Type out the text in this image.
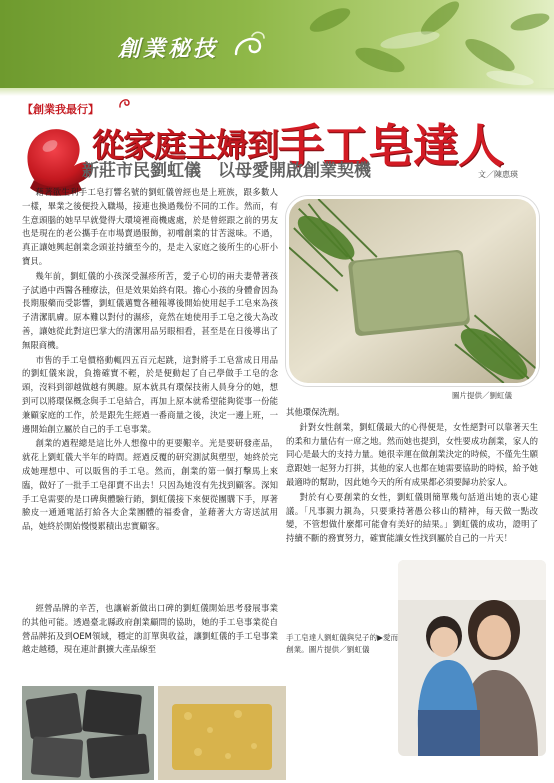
創業秘技
【創業我最行】
從家庭主婦到手工皂達人
新莊市民劉虹儀　以母愛開啟創業契機	文／陳惠瑛

藉著欲生利手工皂打響名號的劉虹儀曾經也是上班族，跟多數人一樣，畢業之後便投入職場，接連也換過幾份不同的工作。然而，有生意頭腦的她早早就覺得大環境裡商機處處，於是曾經跟之前的男友也是現在的老公攜手在市場賣過服飾，初嚐創業的甘苦滋味。不過，真正讓她興起創業念頭並持續至今的，是走入家庭之後所生的心肝小寶貝。

幾年前，劉虹儀的小孩深受濕疹所苦，愛子心切的兩夫妻帶著孩子試過中西醫各種療法，但是效果始終有限。擔心小孩的身體會因為長期服藥而受影響，劉虹儀邁覽各種報導後開始使用起手工皂來為孩子清潔肌膚。原本難以對付的濕疹，竟然在她使用手工皂之後大為改善，讓她從此對這巴掌大的清潔用品另眼相看，甚至是在日後導出了無限商機。

市售的手工皂價格動輒四五百元起跳，這對將手工皂當成日用品的劉虹儀來說，負擔確實不輕，於是便動起了自己學做手工皂的念頭，沒料到卻越做越有興趣。原本就具有環保技術人員身分的她，想到可以將環保概念與手工皂結合，再加上原本就希望能夠從事一份能兼顧家庭的工作，於是跟先生經過一番商量之後，決定一邊上班，一邊開始創立屬於自己的手工皂事業。

創業的過程總是這比外人想像中的更要艱辛。光是要研發產品，就花上劉虹儀大半年的時間。經過反覆的研究測試與塑型，她終於完成她理想中、可以販售的手工皂。然而，創業的第一個打擊馬上來臨，做好了一批手工皂卻賣不出去！只因為她沒有先找到顧客。深知手工皂需要的是口碑與體驗行銷，劉虹儀接下來便從團購下手，厚著臉皮一通通電話打給各大企業團體的福委會，並藉著大方寄送試用品，她終於開始慢慢累積出忠實顧客。

圖片提供／劉虹儀

其他環保洗劑。

針對女性創業，劉虹儀最大的心得便是，女性絕對可以靠著天生的柔和力量佔有一席之地。然而她也提到，女性要成功創業，家人的同心是最大的支持力量。她很幸運在做創業決定的時候，不僅先生願意跟她一起努力打拼，其他的家人也都在她需要協助的時候，給予她最適時的幫助，因此她今天的所有成果都必須要歸功於家人。

對於有心要創業的女性，劉虹儀則簡單幾句話道出她的衷心建議。「凡事親力親為，只要秉持著愚公移山的精神，每天做一點改變，不管想做什麼都可能會有美好的結果。」劉虹儀的成功，證明了持續不斷的務實努力，確實能讓女性找到屬於自己的一片天！

手工皂達人劉虹儀與兒子的▶愛而創業。圖片提供／劉虹儀

經營品牌的辛苦，也讓嶄新做出口碑的劉虹儀開始思考發展事業的其他可能。透過臺北縣政府創業顧問的協助，她的手工皂事業從自營品牌拓及到OEM領域，穩定的訂單與收益，讓劉虹儀的手工皂事業越走越穩，現在連計劃擴大產品線至
